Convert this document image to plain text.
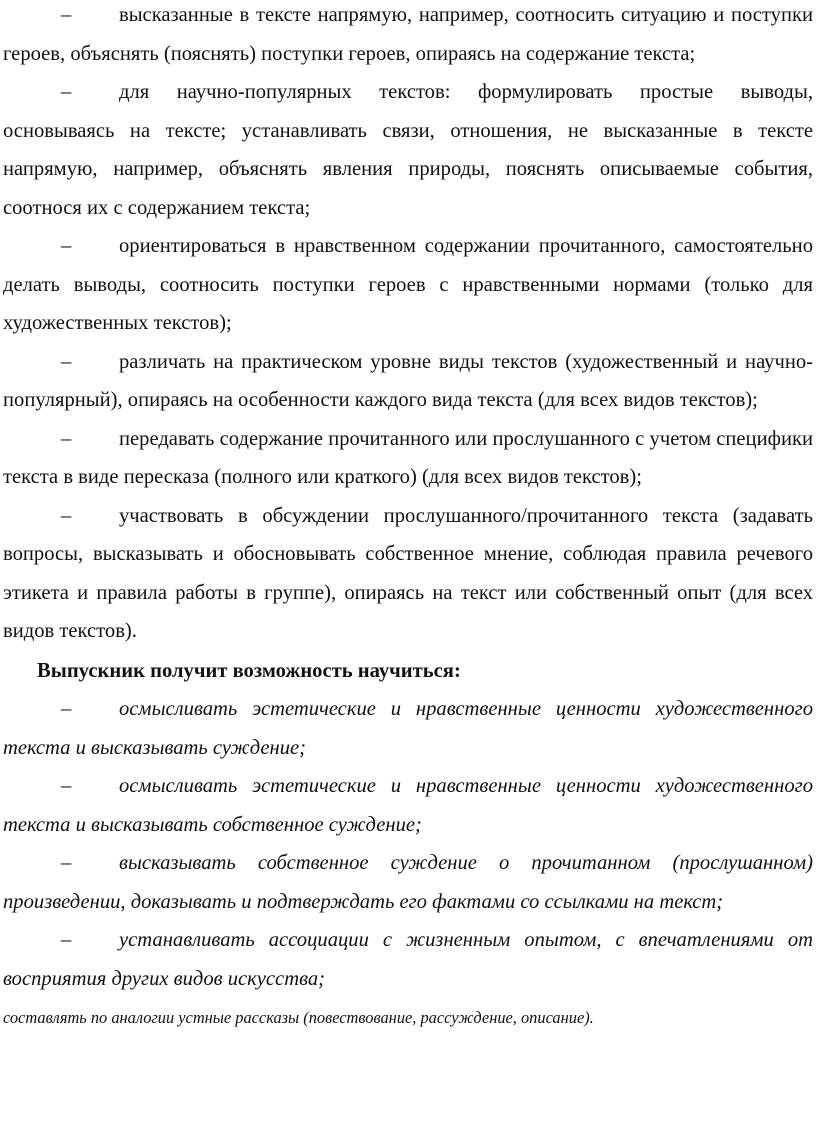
– высказанные в тексте напрямую, например, соотносить ситуацию и поступки героев, объяснять (пояснять) поступки героев, опираясь на содержание текста;

– для научно-популярных текстов: формулировать простые выводы, основываясь на тексте; устанавливать связи, отношения, не высказанные в тексте напрямую, например, объяснять явления природы, пояснять описываемые события, соотнося их с содержанием текста;

– ориентироваться в нравственном содержании прочитанного, самостоятельно делать выводы, соотносить поступки героев с нравственными нормами (только для художественных текстов);

– различать на практическом уровне виды текстов (художественный и научно-популярный), опираясь на особенности каждого вида текста (для всех видов текстов);

– передавать содержание прочитанного или прослушанного с учетом специфики текста в виде пересказа (полного или краткого) (для всех видов текстов);

– участвовать в обсуждении прослушанного/прочитанного текста (задавать вопросы, высказывать и обосновывать собственное мнение, соблюдая правила речевого этикета и правила работы в группе), опираясь на текст или собственный опыт (для всех видов текстов).

Выпускник получит возможность научиться:

– осмысливать эстетические и нравственные ценности художественного текста и высказывать суждение;

– осмысливать эстетические и нравственные ценности художественного текста и высказывать собственное суждение;

– высказывать собственное суждение о прочитанном (прослушанном) произведении, доказывать и подтверждать его фактами со ссылками на текст;

– устанавливать ассоциации с жизненным опытом, с впечатлениями от восприятия других видов искусства;

составлять по аналогии устные рассказы (повествование, рассуждение, описание).
